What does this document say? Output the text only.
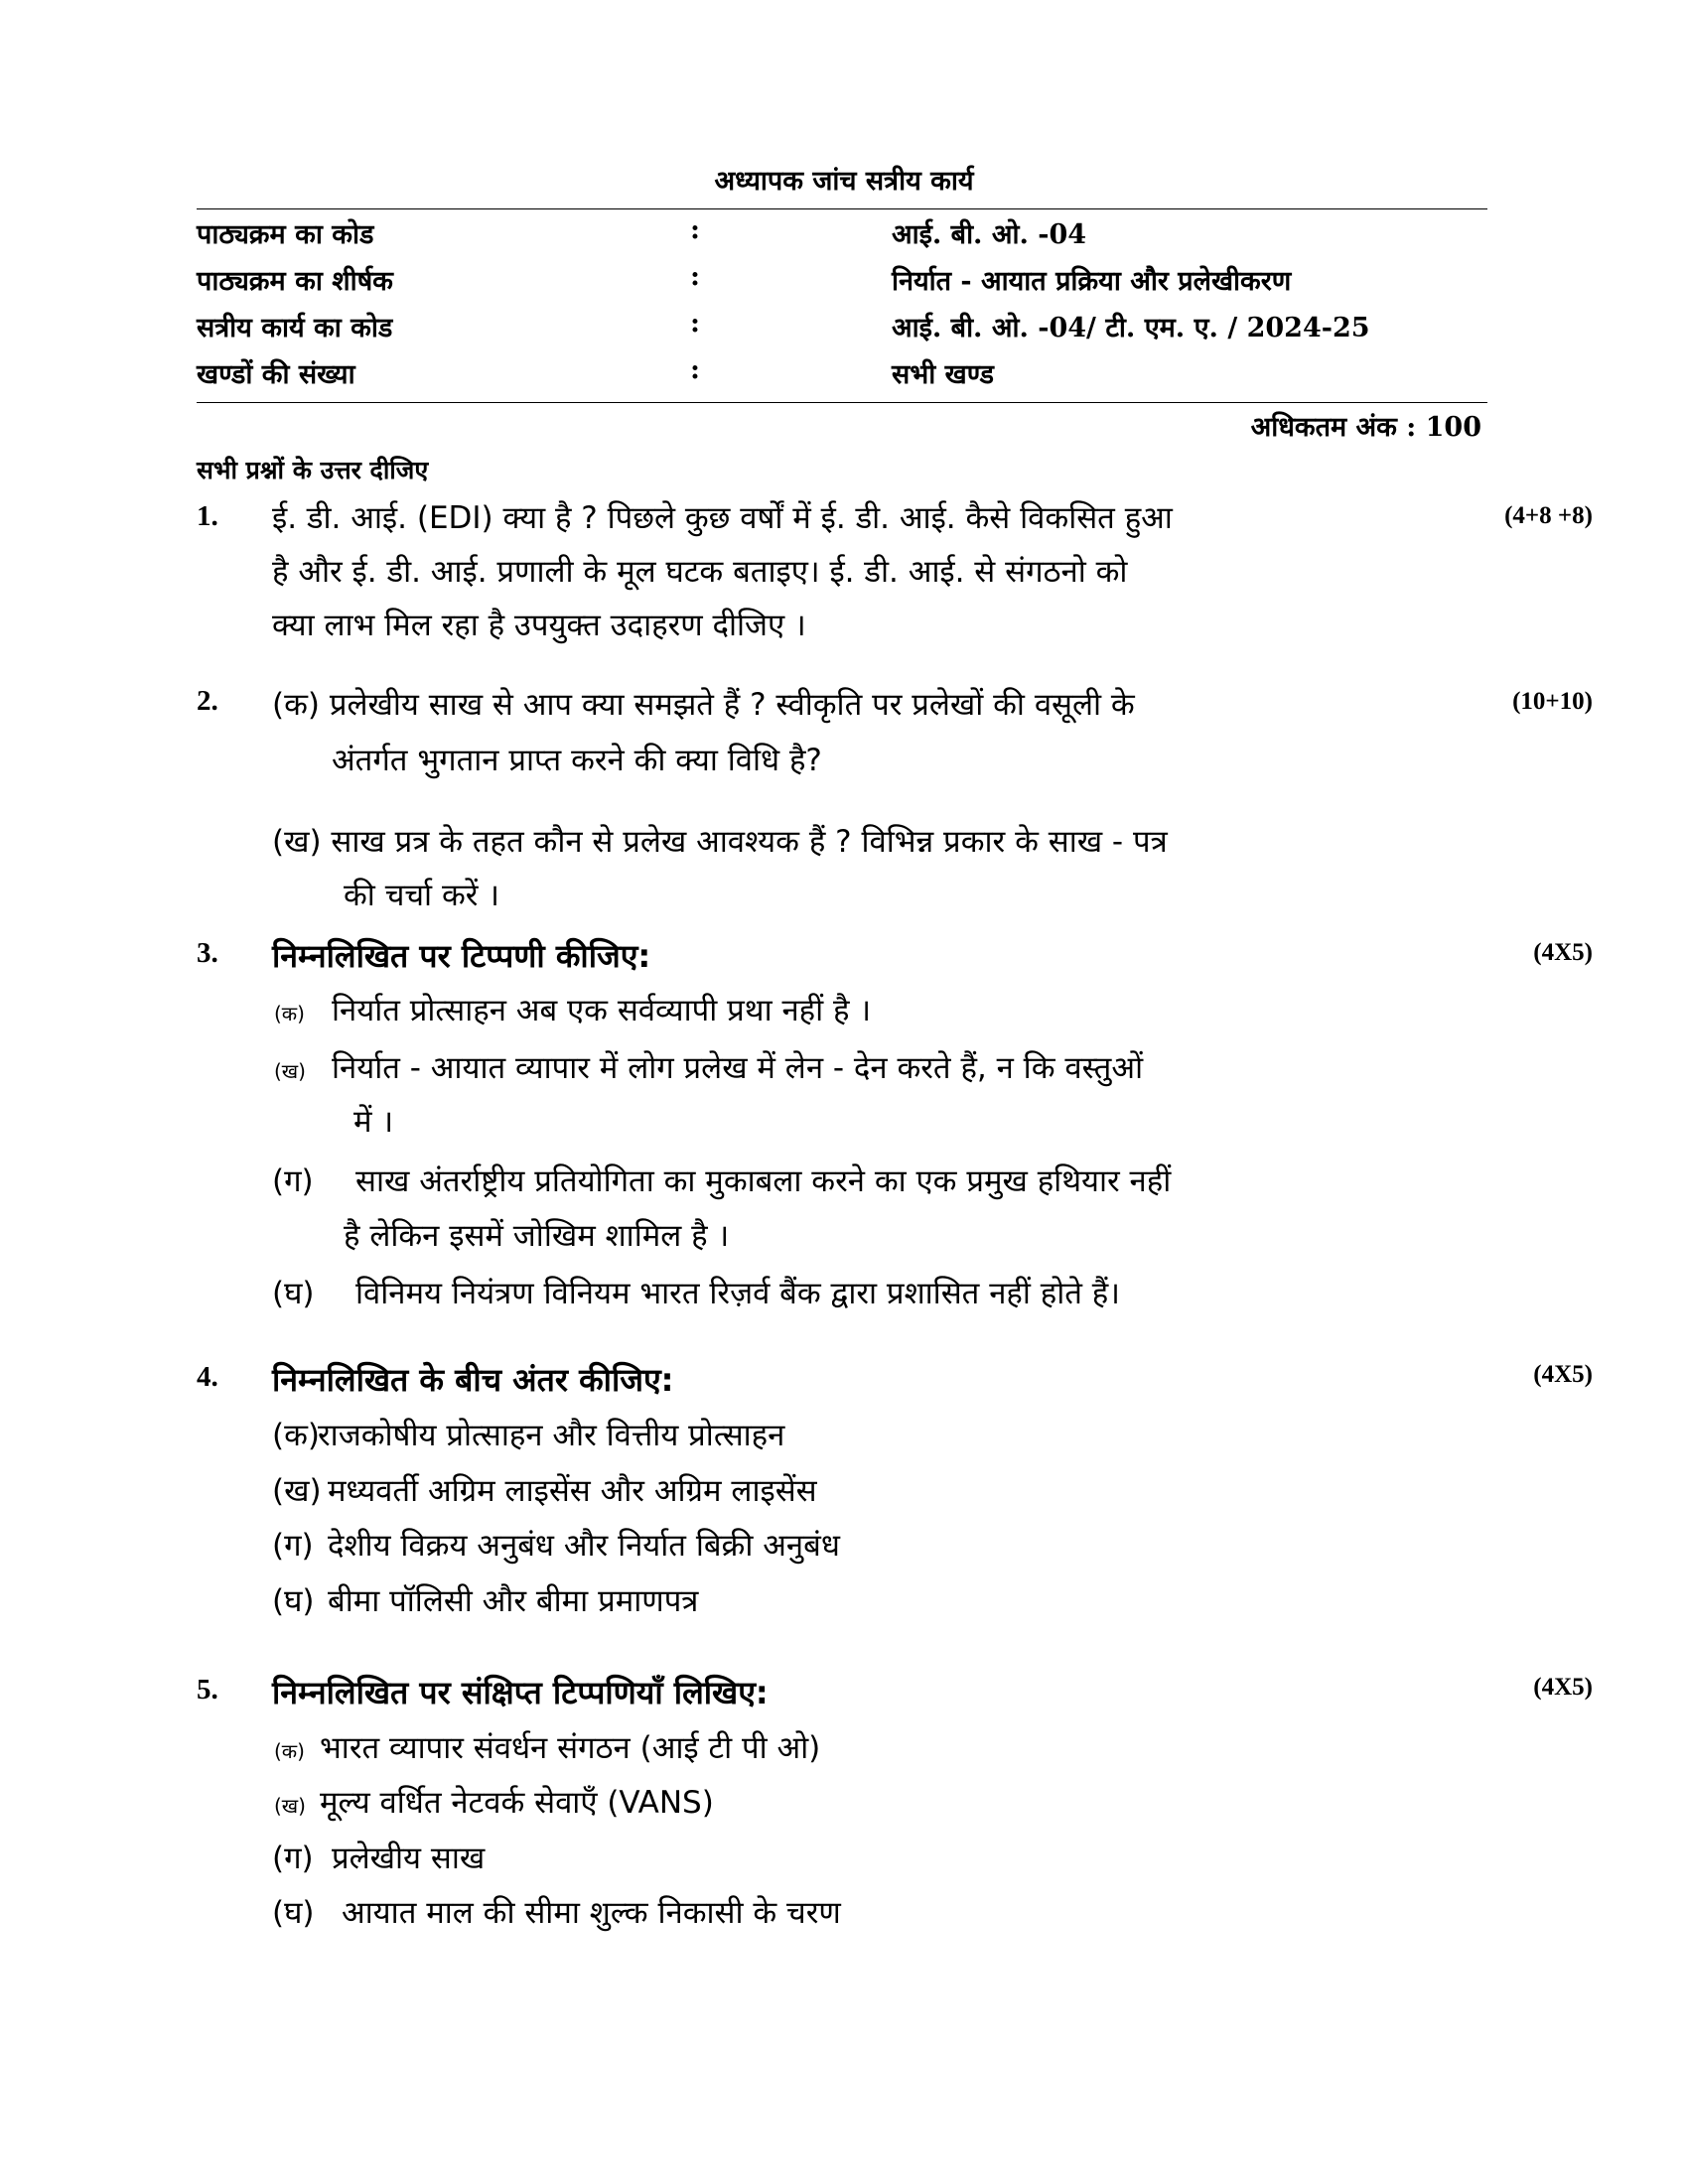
अध्यापक जांच सत्रीय कार्य
पाठ्यक्रम का कोड	:	आई. बी. ओ. -04
पाठ्यक्रम का शीर्षक	:	निर्यात - आयात प्रक्रिया और प्रलेखीकरण
सत्रीय कार्य का कोड	:	आई. बी. ओ. -04/ टी. एम. ए. / 2024-25
खण्डों की संख्या	:	सभी खण्ड
अधिकतम अंक : 100
सभी प्रश्नों के उत्तर दीजिए
1.	(4+8 +8)
ई. डी. आई. (EDI) क्या है ? पिछले कुछ वर्षों में ई. डी. आई. कैसे विकसित हुआ
है और ई. डी. आई. प्रणाली के मूल घटक बताइए। ई. डी. आई. से संगठनो को
क्या लाभ मिल रहा है उपयुक्त उदाहरण दीजिए ।
2.	(10+10)
(क) प्रलेखीय साख से आप क्या समझते हैं ? स्वीकृति पर प्रलेखों की वसूली के
अंतर्गत भुगतान प्राप्त करने की क्या विधि है?
(ख) साख प्रत्र के तहत कौन से प्रलेख आवश्यक हैं ? विभिन्न प्रकार के साख - पत्र
की चर्चा करें ।
3.	(4X5)
निम्नलिखित पर टिप्पणी कीजिए:
(क) निर्यात प्रोत्साहन अब एक सर्वव्यापी प्रथा नहीं है ।
(ख) निर्यात - आयात व्यापार में लोग प्रलेख में लेन - देन करते हैं, न कि वस्तुओं
में ।
(ग) साख अंतर्राष्ट्रीय प्रतियोगिता का मुकाबला करने का एक प्रमुख हथियार नहीं
है लेकिन इसमें जोखिम शामिल है ।
(घ) विनिमय नियंत्रण विनियम भारत रिज़र्व बैंक द्वारा प्रशासित नहीं होते हैं।
4.	(4X5)
निम्नलिखित के बीच अंतर कीजिए:
(क)
राजकोषीय प्रोत्साहन और वित्तीय प्रोत्साहन
(ख) मध्यवर्ती अग्रिम लाइसेंस और अग्रिम लाइसेंस
(ग) देशीय विक्रय अनुबंध और निर्यात बिक्री अनुबंध
(घ) बीमा पॉलिसी और बीमा प्रमाणपत्र
5.	(4X5)
निम्नलिखित पर संक्षिप्त टिप्पणियाँ लिखिए:
(क) भारत व्यापार संवर्धन संगठन (आई टी पी ओ)
(ख) मूल्य वर्धित नेटवर्क सेवाएँ (VANS)
(ग) प्रलेखीय साख
(घ) आयात माल की सीमा शुल्क निकासी के चरण
